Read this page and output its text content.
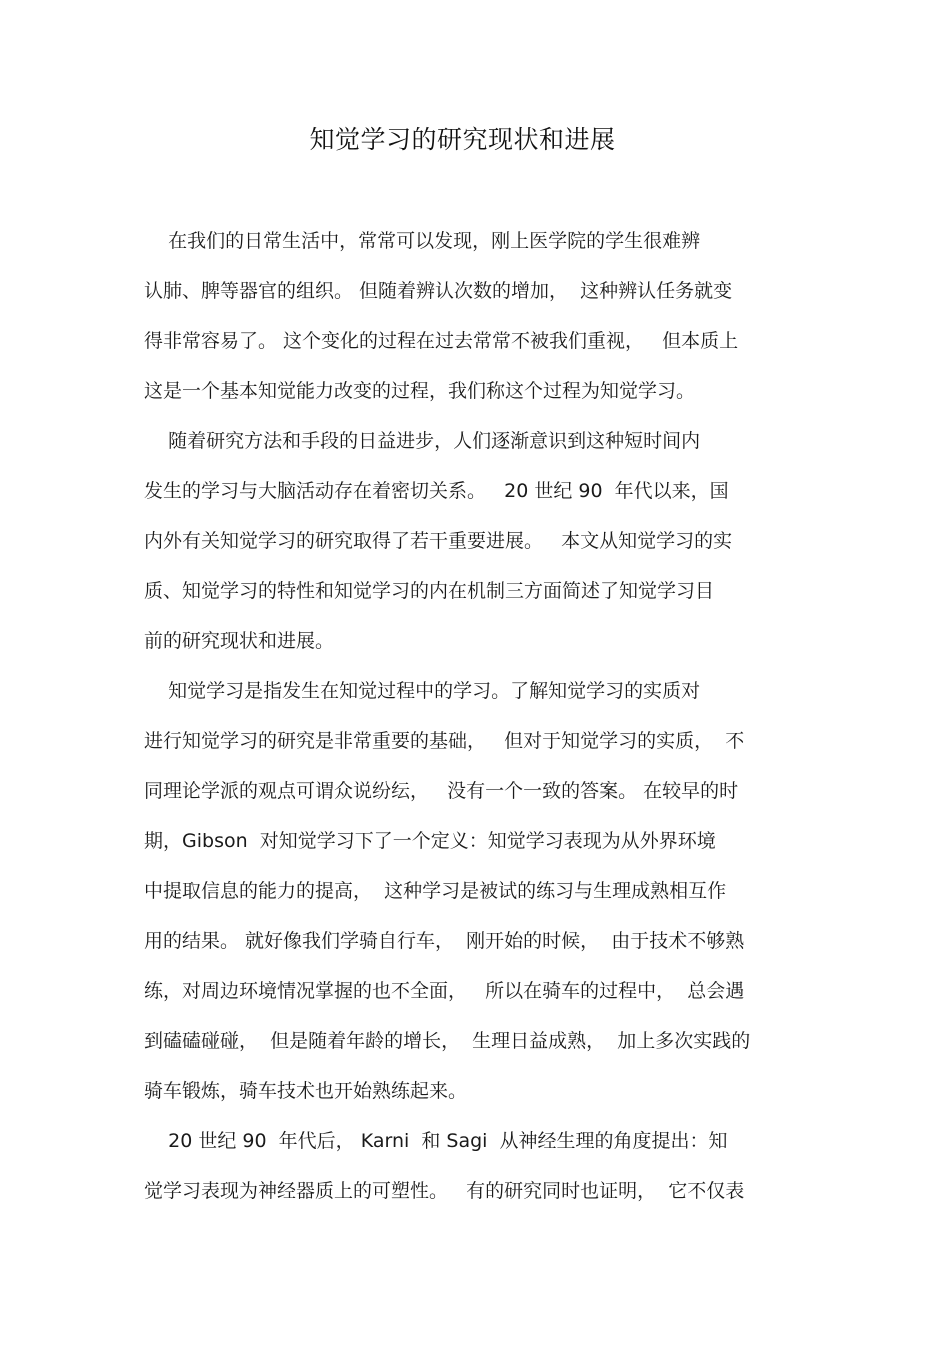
知觉学习的研究现状和进展
在我们的日常生活中，常常可以发现，刚上医学院的学生很难辨
认肺、脾等器官的组织。 但随着辨认次数的增加，  这种辨认任务就变
得非常容易了。 这个变化的过程在过去常常不被我们重视，   但本质上
这是一个基本知觉能力改变的过程，我们称这个过程为知觉学习。
随着研究方法和手段的日益进步，人们逐渐意识到这种短时间内
发生的学习与大脑活动存在着密切关系。   20 世纪 90  年代以来，国
内外有关知觉学习的研究取得了若干重要进展。   本文从知觉学习的实
质、知觉学习的特性和知觉学习的内在机制三方面简述了知觉学习目
前的研究现状和进展。
知觉学习是指发生在知觉过程中的学习。了解知觉学习的实质对
进行知觉学习的研究是非常重要的基础，   但对于知觉学习的实质，  不
同理论学派的观点可谓众说纷纭，   没有一个一致的答案。 在较早的时
期，Gibson  对知觉学习下了一个定义：知觉学习表现为从外界环境
中提取信息的能力的提高，  这种学习是被试的练习与生理成熟相互作
用的结果。 就好像我们学骑自行车，  刚开始的时候，  由于技术不够熟
练，对周边环境情况掌握的也不全面，   所以在骑车的过程中，  总会遇
到磕磕碰碰，  但是随着年龄的增长，  生理日益成熟，  加上多次实践的
骑车锻炼，骑车技术也开始熟练起来。
20 世纪 90  年代后， Karni  和 Sagi  从神经生理的角度提出：知
觉学习表现为神经器质上的可塑性。   有的研究同时也证明，  它不仅表
